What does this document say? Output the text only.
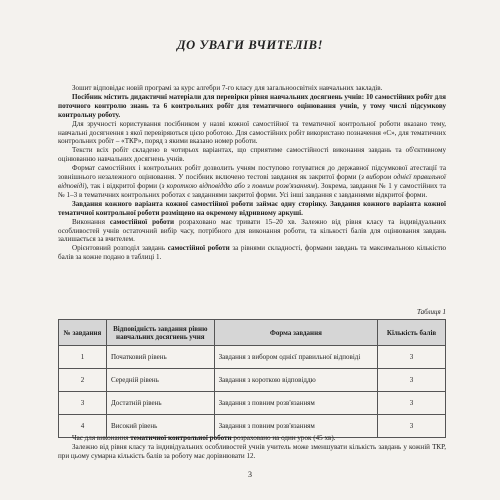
ДО УВАГИ ВЧИТЕЛІВ!

Зошит відповідає новій програмі за курс алгебри 7-го класу для загальноосвітніх навчальних закладів.

Посібник містить дидактичні матеріали для перевірки рівня навчальних досягнень учнів: 10 самостійних робіт для поточного контролю знань та 6 контрольних робіт для тематичного оцінювання учнів, у тому числі підсумкову контрольну роботу.

Для зручності користування посібником у назві кожної самостійної та тематичної контрольної роботи вказано тему, навчальні досягнення з якої перевіряються цією роботою. Для самостійних робіт використано позначення «С», для тематичних контрольних робіт – «ТКР», поряд з якими вказано номер роботи.

Тексти всіх робіт складено в чотирьох варіантах, що сприятиме самостійності виконання завдань та об'єктивному оцінюванню навчальних досягнень учнів.

Формат самостійних і контрольних робіт дозволить учням поступово готуватися до державної підсумкової атестації та зовнішнього незалежного оцінювання. У посібник включено тестові завдання як закритої форми (з вибором однієї правильної відповіді), так і відкритої форми (з короткою відповіддю або з повним розв'язанням). Зокрема, завдання № 1 у самостійних та № 1–3 в тематичних контрольних роботах є завданнями закритої форми. Усі інші завдання є завданнями відкритої форми.

Завдання кожного варіанта кожної самостійної роботи займає одну сторінку. Завдання кожного варіанта кожної тематичної контрольної роботи розміщено на окремому відривному аркуші.

Виконання самостійної роботи розраховано має тривати 15–20 хв. Залежно від рівня класу та індивідуальних особливостей учнів остаточний вибір часу, потрібного для виконання роботи, та кількості балів для оцінювання завдань залишається за вчителем.

Орієнтовний розподіл завдань самостійної роботи за рівнями складності, формами завдань та максимальною кількістю балів за кожне подано в таблиці 1.

Таблиця 1
№ завдання	Відповідність завдання рівню навчальних досягнень учня	Форма завдання	Кількість балів
1	Початковий рівень	Завдання з вибором однієї правильної відповіді	3
2	Середній рівень	Завдання з короткою відповіддю	3
3	Достатній рівень	Завдання з повним розв'язанням	3
4	Високий рівень	Завдання з повним розв'язанням	3

Час для виконання тематичної контрольної роботи розраховано на один урок (45 хв).

Залежно від рівня класу та індивідуальних особливостей учнів учитель може зменшувати кількість завдань у кожній ТКР, при цьому сумарна кількість балів за роботу має дорівнювати 12.

3
